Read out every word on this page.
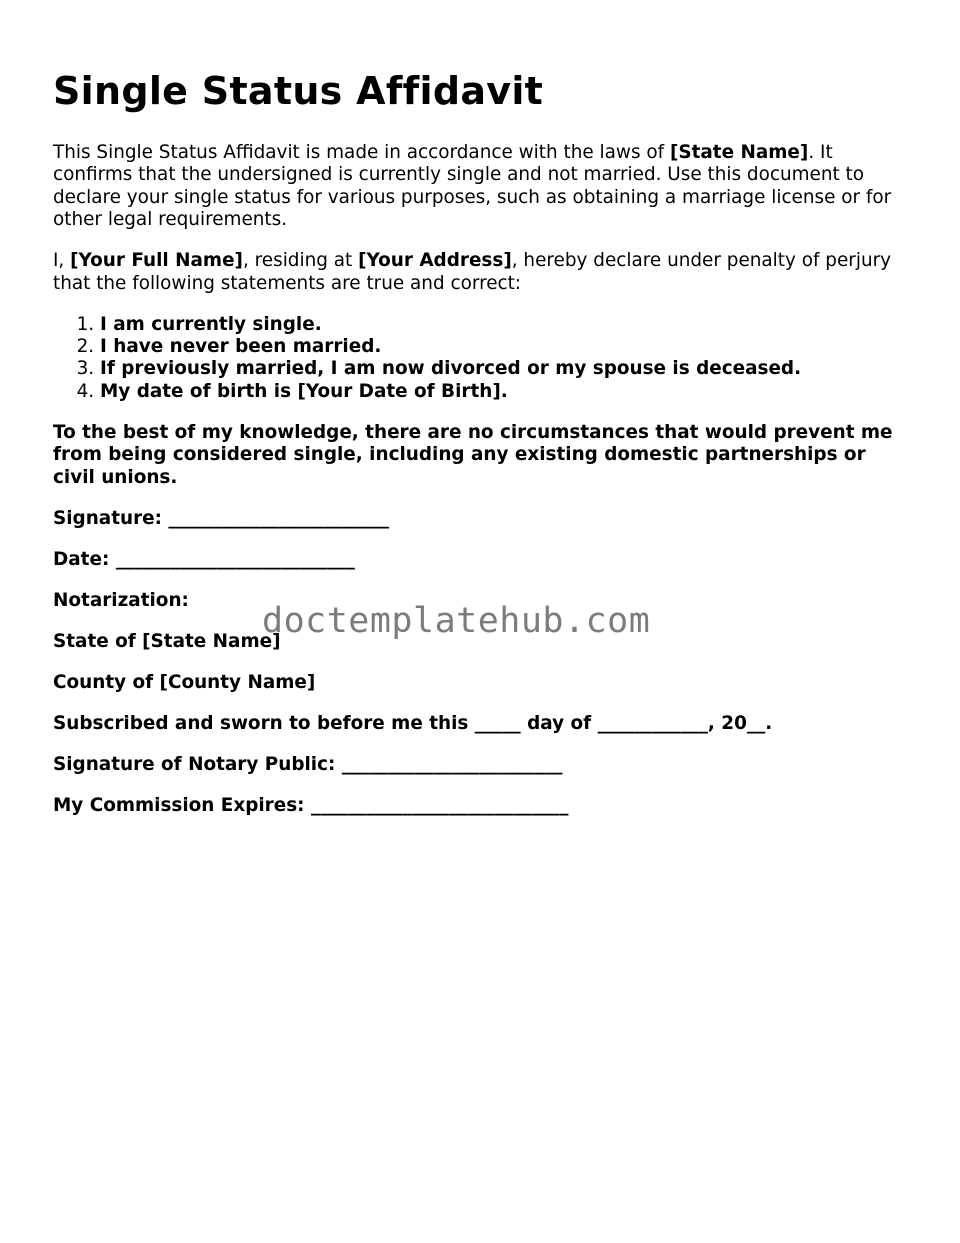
Single Status Affidavit

This Single Status Affidavit is made in accordance with the laws of [State Name]. It confirms that the undersigned is currently single and not married. Use this document to declare your single status for various purposes, such as obtaining a marriage license or for other legal requirements.

I, [Your Full Name], residing at [Your Address], hereby declare under penalty of perjury that the following statements are true and correct:

1. I am currently single.
2. I have never been married.
3. If previously married, I am now divorced or my spouse is deceased.
4. My date of birth is [Your Date of Birth].

To the best of my knowledge, there are no circumstances that would prevent me from being considered single, including any existing domestic partnerships or civil unions.

Signature: ________________________

Date: __________________________

Notarization:

State of [State Name]

County of [County Name]

Subscribed and sworn to before me this _____ day of ____________, 20__.

Signature of Notary Public: ________________________

My Commission Expires: ____________________________

doctemplatehub.com
